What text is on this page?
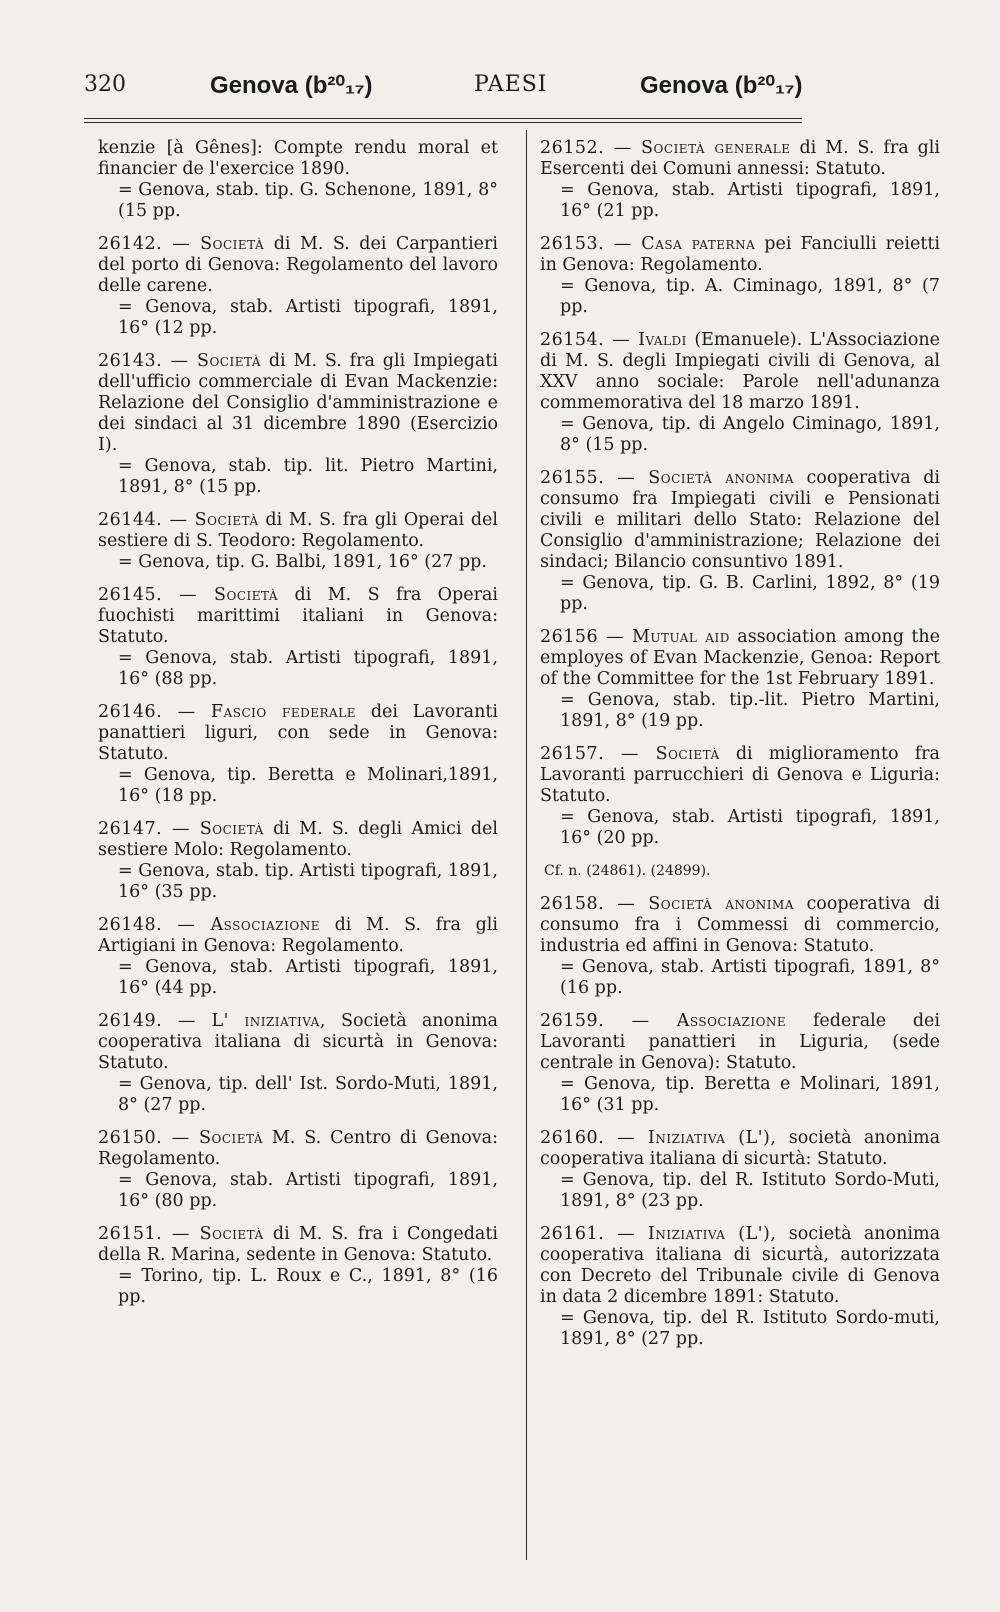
320	Genova (b²⁰₁₇)	PAESI	Genova (b²⁰₁₇)

kenzie [à Gênes]: Compte rendu moral et financier de l'exercice 1890.

= Genova, stab. tip. G. Schenone, 1891, 8° (15 pp.

26142. — Società di M. S. dei Carpantieri del porto di Genova: Regolamento del lavoro delle carene.

= Genova, stab. Artisti tipografi, 1891, 16° (12 pp.

26143. — Società di M. S. fra gli Impiegati dell'ufficio commerciale di Evan Mackenzie: Relazione del Consiglio d'amministrazione e dei sindaci al 31 dicembre 1890 (Esercizio I).

= Genova, stab. tip. lit. Pietro Martini, 1891, 8° (15 pp.

26144. — Società di M. S. fra gli Operai del sestiere di S. Teodoro: Regolamento.

= Genova, tip. G. Balbi, 1891, 16° (27 pp.

26145. — Società di M. S fra Operai fuochisti marittimi italiani in Genova: Statuto.

= Genova, stab. Artisti tipografi, 1891, 16° (88 pp.

26146. — Fascio federale dei Lavoranti panattieri liguri, con sede in Genova: Statuto.

= Genova, tip. Beretta e Molinari,1891, 16° (18 pp.

26147. — Società di M. S. degli Amici del sestiere Molo: Regolamento.

= Genova, stab. tip. Artisti tipografi, 1891, 16° (35 pp.

26148. — Associazione di M. S. fra gli Artigiani in Genova: Regolamento.

= Genova, stab. Artisti tipografi, 1891, 16° (44 pp.

26149. — L' iniziativa, Società anonima cooperativa italiana di sicurtà in Genova: Statuto.

= Genova, tip. dell' Ist. Sordo-Muti, 1891, 8° (27 pp.

26150. — Società M. S. Centro di Genova: Regolamento.

= Genova, stab. Artisti tipografi, 1891, 16° (80 pp.

26151. — Società di M. S. fra i Congedati della R. Marina, sedente in Genova: Statuto.

= Torino, tip. L. Roux e C., 1891, 8° (16 pp.

26152. — Società generale di M. S. fra gli Esercenti dei Comuni annessi: Statuto.

= Genova, stab. Artisti tipografi, 1891, 16° (21 pp.

26153. — Casa paterna pei Fanciulli reietti in Genova: Regolamento.

= Genova, tip. A. Ciminago, 1891, 8° (7 pp.

26154. — Ivaldi (Emanuele). L'Associazione di M. S. degli Impiegati civili di Genova, al XXV anno sociale: Parole nell'adunanza commemorativa del 18 marzo 1891.

= Genova, tip. di Angelo Ciminago, 1891, 8° (15 pp.

26155. — Società anonima cooperativa di consumo fra Impiegati civili e Pensionati civili e militari dello Stato: Relazione del Consiglio d'amministrazione; Relazione dei sindaci; Bilancio consuntivo 1891.

= Genova, tip. G. B. Carlini, 1892, 8° (19 pp.

26156 — Mutual aid association among the employes of Evan Mackenzie, Genoa: Report of the Committee for the 1st February 1891.

= Genova, stab. tip.-lit. Pietro Martini, 1891, 8° (19 pp.

26157. — Società di miglioramento fra Lavoranti parrucchieri di Genova e Liguria: Statuto.

= Genova, stab. Artisti tipografi, 1891, 16° (20 pp.

Cf. n. (24861). (24899).

26158. — Società anonima cooperativa di consumo fra i Commessi di commercio, industria ed affini in Genova: Statuto.

= Genova, stab. Artisti tipografi, 1891, 8° (16 pp.

26159. — Associazione federale dei Lavoranti panattieri in Liguria, (sede centrale in Genova): Statuto.

= Genova, tip. Beretta e Molinari, 1891, 16° (31 pp.

26160. — Iniziativa (L'), società anonima cooperativa italiana di sicurtà: Statuto.

= Genova, tip. del R. Istituto Sordo-Muti, 1891, 8° (23 pp.

26161. — Iniziativa (L'), società anonima cooperativa italiana di sicurtà, autorizzata con Decreto del Tribunale civile di Genova in data 2 dicembre 1891: Statuto.

= Genova, tip. del R. Istituto Sordo-muti, 1891, 8° (27 pp.
